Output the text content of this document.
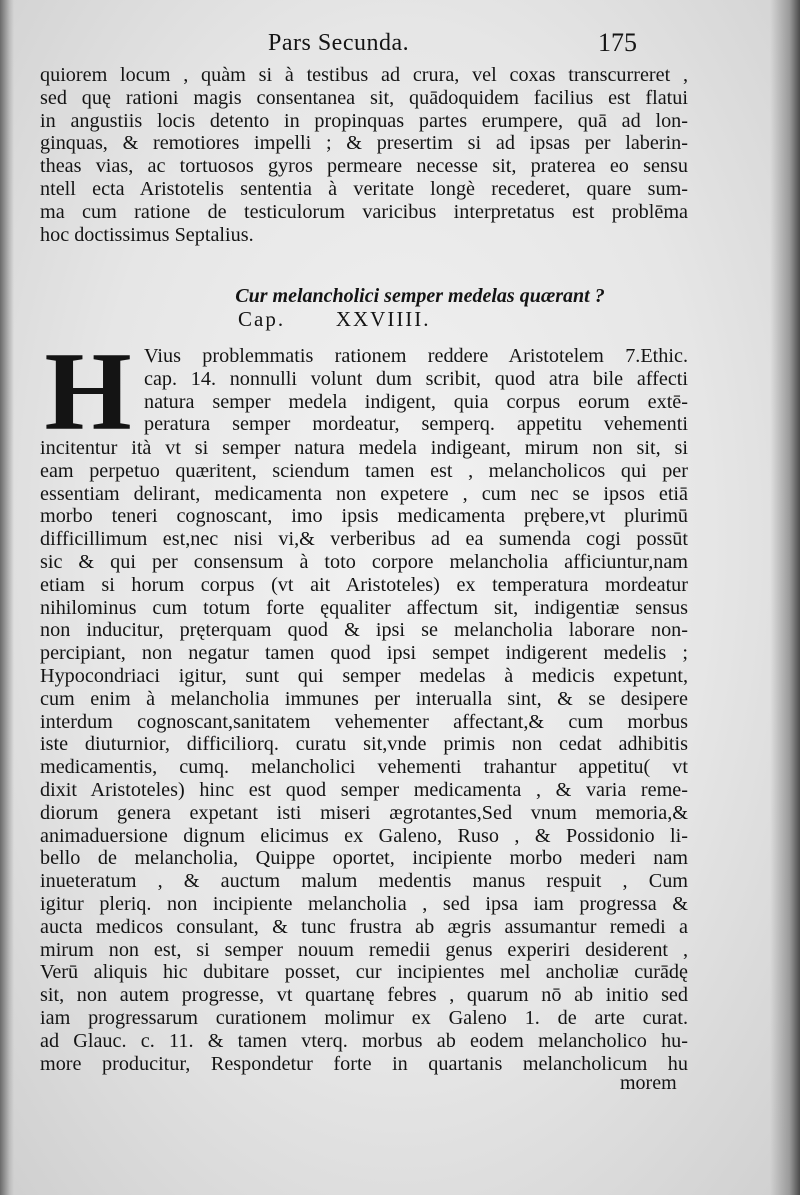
Pars Secunda.	175
quiorem locum , quàm si à testibus ad crura, vel coxas transcurreret ,
sed quę rationi magis consentanea sit, quādoquidem facilius est flatui
in angustiis locis detento in propinquas partes erumpere, quā ad lon-
ginquas, & remotiores impelli ; & presertim si ad ipsas per laberin-
theas vias, ac tortuosos gyros permeare necesse sit, praterea eo sensu
ntell ecta Aristotelis sententia à veritate longè recederet, quare sum-
ma cum ratione de testiculorum varicibus interpretatus est problēma
hoc doctissimus Septalius.
Cur melancholici semper medelas quærant ?
Cap.       XXVIIII.
H Vius problemmatis rationem reddere Aristotelem 7.Ethic.
cap. 14. nonnulli volunt dum scribit, quod atra bile affecti
natura semper medela indigent, quia corpus eorum extē-
peratura semper mordeatur, semperq. appetitu vehementi
incitentur ità vt si semper natura medela indigeant, mirum non sit, si
eam perpetuo quæritent, sciendum tamen est , melancholicos qui per
essentiam delirant, medicamenta non expetere , cum nec se ipsos etiā
morbo teneri cognoscant, imo ipsis medicamenta prębere,vt plurimū
difficillimum est,nec nisi vi,& verberibus ad ea sumenda cogi possūt
sic & qui per consensum à toto corpore melancholia afficiuntur,nam
etiam si horum corpus (vt ait Aristoteles) ex temperatura mordeatur
nihilominus cum totum forte ęqualiter affectum sit, indigentiæ sensus
non inducitur, pręterquam quod & ipsi se melancholia laborare non-
percipiant, non negatur tamen quod ipsi sempet indigerent medelis ;
Hypocondriaci igitur, sunt qui semper medelas à medicis expetunt,
cum enim à melancholia immunes per interualla sint, & se desipere
interdum cognoscant,sanitatem vehementer affectant,& cum morbus
iste diuturnior, difficiliorq. curatu sit,vnde primis non cedat adhibitis
medicamentis, cumq. melancholici vehementi trahantur appetitu( vt
dixit Aristoteles) hinc est quod semper medicamenta , & varia reme-
diorum genera expetant isti miseri ægrotantes,Sed vnum memoria,&
animaduersione dignum elicimus ex Galeno, Ruso , & Possidonio li-
bello de melancholia, Quippe oportet, incipiente morbo mederi nam
inueteratum , & auctum malum medentis manus respuit , Cum
igitur pleriq. non incipiente melancholia , sed ipsa iam progressa &
aucta medicos consulant, & tunc frustra ab ægris assumantur remedi a
mirum non est, si semper nouum remedii genus experiri desiderent ,
Verū aliquis hic dubitare posset, cur incipientes mel ancholiæ curādę
sit, non autem progresse, vt quartanę febres , quarum nō ab initio sed
iam progressarum curationem molimur ex Galeno 1. de arte curat.
ad Glauc. c. 11. & tamen vterq. morbus ab eodem melancholico hu-
more producitur, Respondetur forte in quartanis melancholicum hu
morem
